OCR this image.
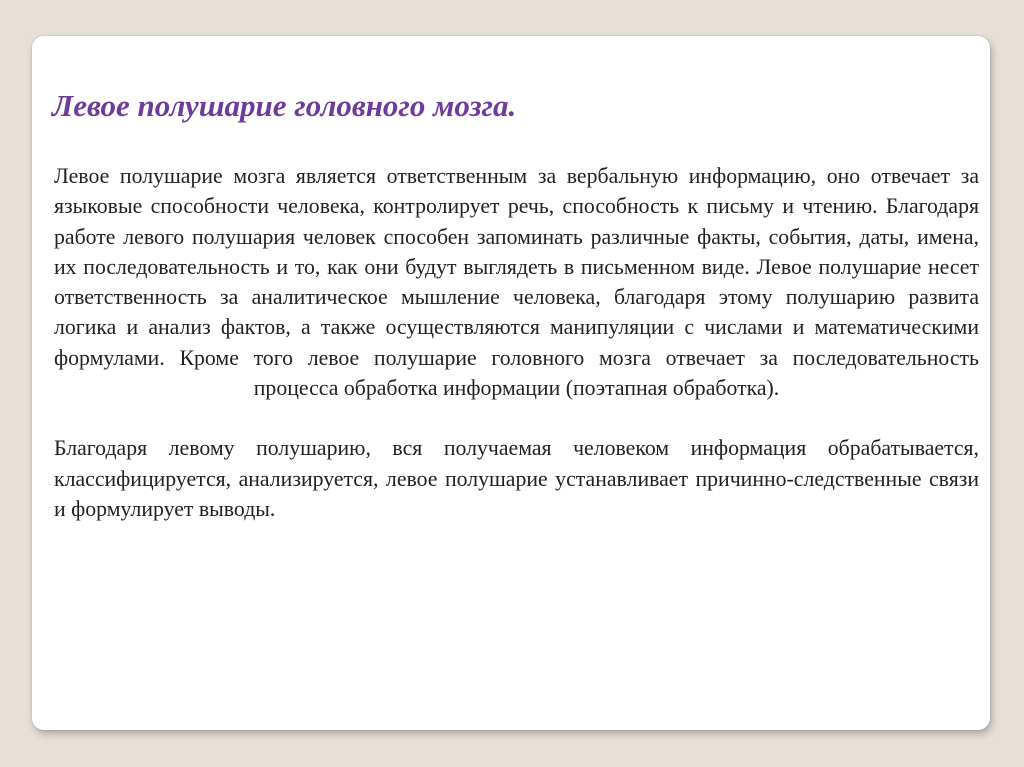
Левое полушарие головного мозга.

Левое полушарие мозга является ответственным за вербальную информацию, оно отвечает за языковые способности человека, контролирует речь, способность к письму и чтению. Благодаря работе левого полушария человек способен запоминать различные факты, события, даты, имена, их последовательность и то, как они будут выглядеть в письменном виде. Левое полушарие несет ответственность за аналитическое мышление человека, благодаря этому полушарию развита логика и анализ фактов, а также осуществляются манипуляции с числами и математическими формулами. Кроме того левое полушарие головного мозга отвечает за последовательность процесса обработка информации (поэтапная обработка).

Благодаря левому полушарию, вся получаемая человеком информация обрабатывается, классифицируется, анализируется, левое полушарие устанавливает причинно-следственные связи и формулирует выводы.
